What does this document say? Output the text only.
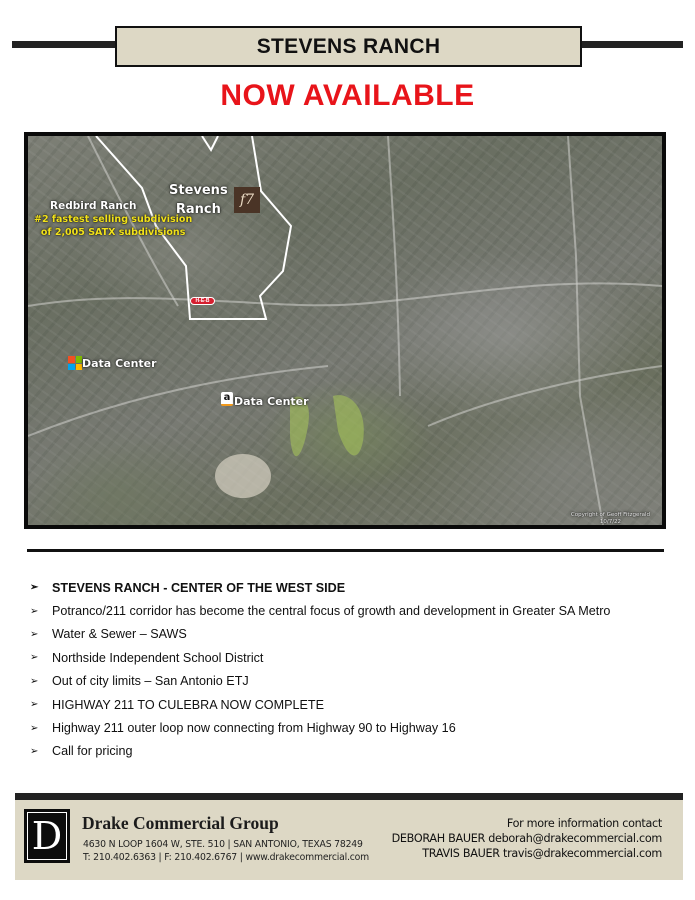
STEVENS RANCH
NOW AVAILABLE
Stevens
Ranch
f7
Redbird Ranch
#2 fastest selling subdivision
of 2,005 SATX subdivisions
H-E-B
Data Center
a Data Center
Copyright of Geoff Fitzgerald
10/7/22
➢	STEVENS RANCH - CENTER OF THE WEST SIDE
➢	Potranco/211 corridor has become the central focus of growth and development in Greater SA Metro
➢	Water & Sewer – SAWS
➢	Northside Independent School District
➢	Out of city limits – San Antonio ETJ
➢	HIGHWAY 211 TO CULEBRA NOW COMPLETE
➢	Highway 211 outer loop now connecting from Highway 90 to Highway 16
➢	Call for pricing
D Drake Commercial Group
4630 N LOOP 1604 W, STE. 510 | SAN ANTONIO, TEXAS 78249
T: 210.402.6363 | F: 210.402.6767 | www.drakecommercial.com
For more information contact
DEBORAH BAUER deborah@drakecommercial.com
TRAVIS BAUER travis@drakecommercial.com
